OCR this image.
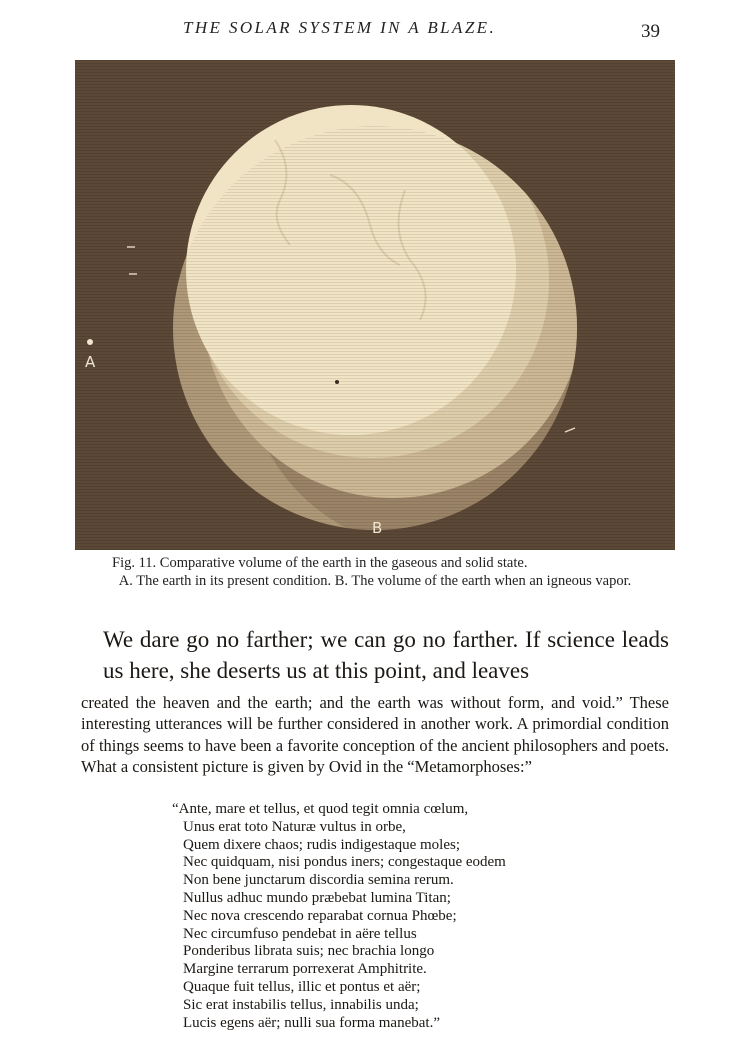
THE SOLAR SYSTEM IN A BLAZE.	39
A
B
Fig. 11. Comparative volume of the earth in the gaseous and solid state.
A. The earth in its present condition. B. The volume of the earth when an igneous vapor.

We dare go no farther; we can go no farther. If science leads us here, she deserts us at this point, and leaves

created the heaven and the earth; and the earth was without form, and void.” These interesting utterances will be further considered in another work. A primordial condition of things seems to have been a favorite conception of the ancient philosophers and poets. What a consistent picture is given by Ovid in the “Metamorphoses:”

“Ante, mare et tellus, et quod tegit omnia cœlum,
Unus erat toto Naturæ vultus in orbe,
Quem dixere chaos; rudis indigestaque moles;
Nec quidquam, nisi pondus iners; congestaque eodem
Non bene junctarum discordia semina rerum.
Nullus adhuc mundo præbebat lumina Titan;
Nec nova crescendo reparabat cornua Phœbe;
Nec circumfuso pendebat in aëre tellus
Ponderibus librata suis; nec brachia longo
Margine terrarum porrexerat Amphitrite.
Quaque fuit tellus, illic et pontus et aër;
Sic erat instabilis tellus, innabilis unda;
Lucis egens aër; nulli sua forma manebat.”
